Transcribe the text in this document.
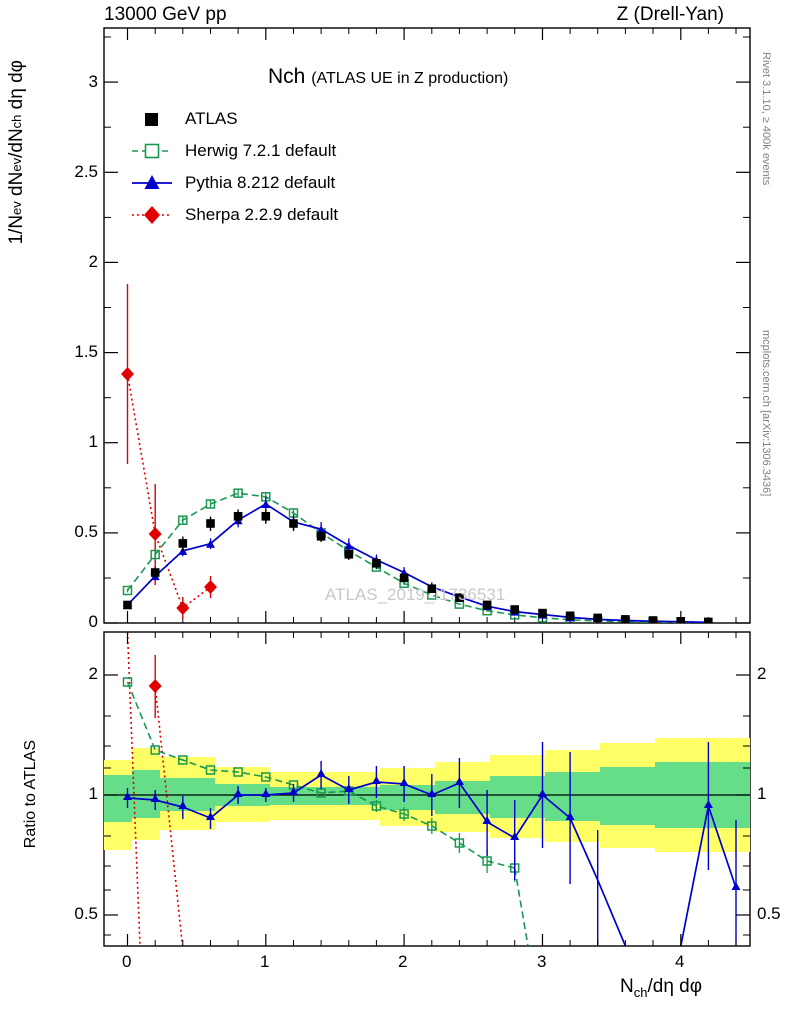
13000 GeV pp	Z (Drell-Yan)
Rivet 3.1.10, ≥ 400k events
mcplots.cern.ch [arXiv:1306.3436]
0
0.5
1
1.5
2
2.5
3
2
1
0.5
2
1
0.5
0	1	2	3	4
$N_{ch}/d\eta$ dφ
1/Nev dNev/dNch dη dφ
Ratio to ATLAS
Nch (ATLAS UE in Z production)
ATLAS
Herwig 7.2.1 default
Pythia 8.212 default
Sherpa 2.2.9 default
ATLAS_2019_I1736531
